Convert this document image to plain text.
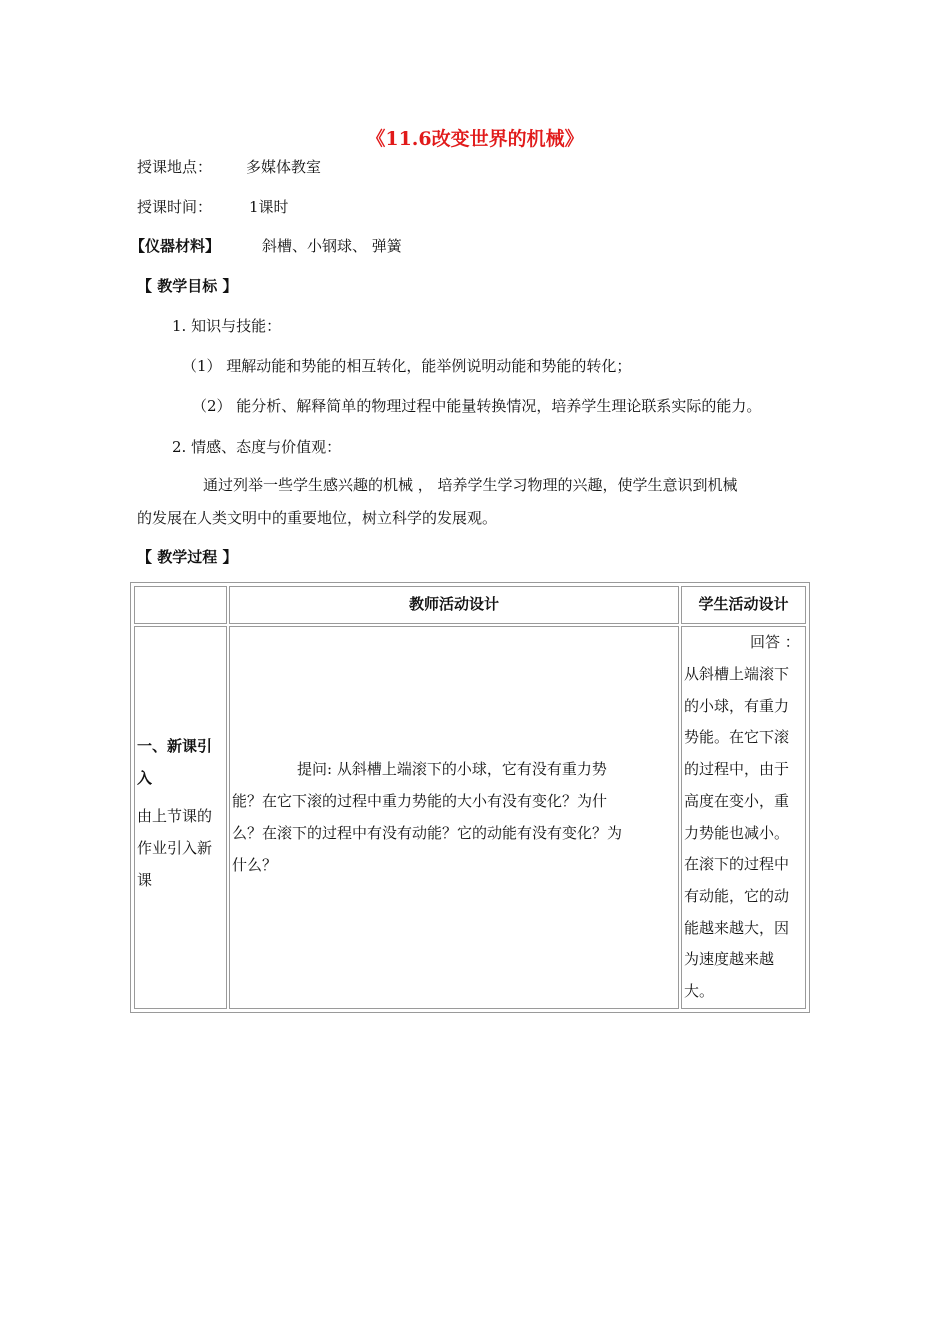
《11.6改变世界的机械》
授课地点： 多媒体教室
授课时间： 1课时
【仪器材料】	斜槽、小钢球、 弹簧
【 教学目标 】
1. 知识与技能：
（1） 理解动能和势能的相互转化，能举例说明动能和势能的转化；
（2） 能分析、解释简单的物理过程中能量转换情况，培养学生理论联系实际的能力。
2. 情感、态度与价值观：
通过列举一些学生感兴趣的机械 ， 培养学生学习物理的兴趣，使学生意识到机械
的发展在人类文明中的重要地位，树立科学的发展观。
【 教学过程 】
教师活动设计	学生活动设计
一、新课引
入
由上节课的
作业引入新
课
提问: 从斜槽上端滚下的小球，它有没有重力势
能？在它下滚的过程中重力势能的大小有没有变化？为什
么？在滚下的过程中有没有动能？它的动能有没有变化？为
什么？
回答 ：
从斜槽上端滚下
的小球，有重力
势能。在它下滚
的过程中，由于
高度在变小，重
力势能也减小。
在滚下的过程中
有动能，它的动
能越来越大，因
为速度越来越
大。
